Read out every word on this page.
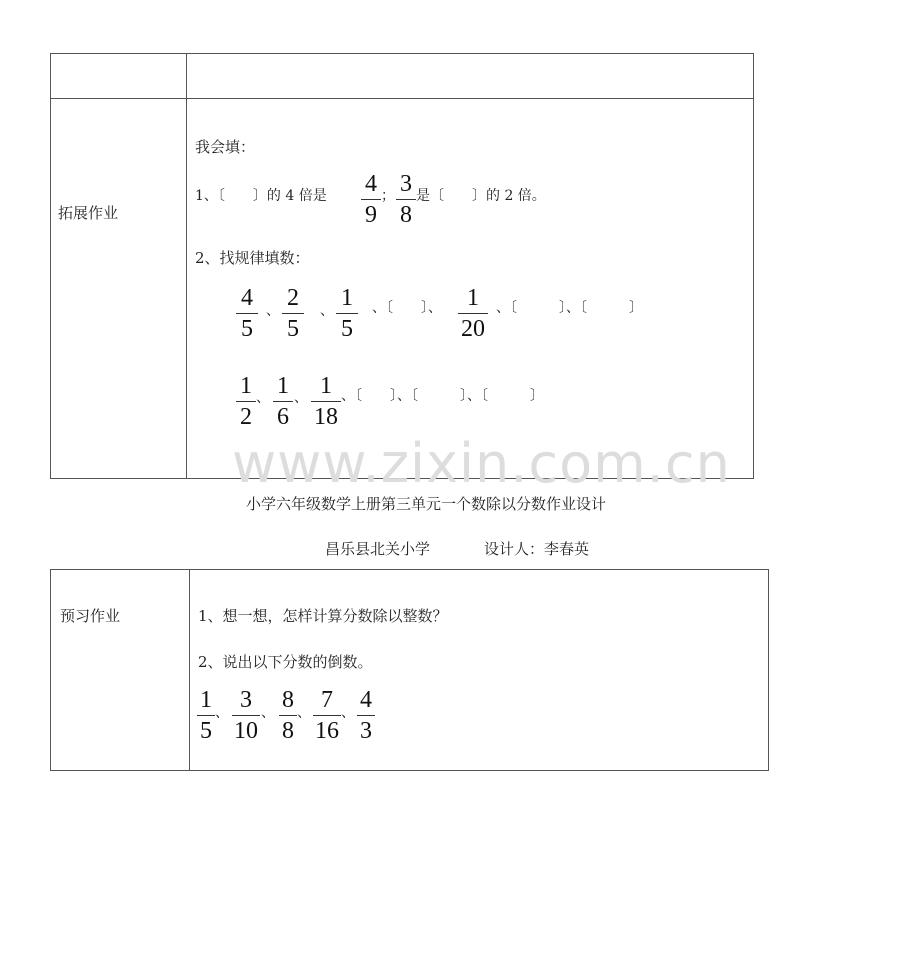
拓展作业
我会填：
1、〔　　〕的 4 倍是 4
9
； 3
8
是〔　　〕的 2 倍。
2、找规律填数：
4
5
、 2
5
、 1
5
、〔　　〕、	1
20
、〔　　　〕、〔　　　〕
1
2
、 1
6
、 1
18
、〔　　〕、〔　　　〕、〔　　　〕
www.zixin.com.cn
小学六年级数学上册第三单元一个数除以分数作业设计
昌乐县北关小学	设计人：李春英
预习作业	1、想一想，怎样计算分数除以整数？
2、说出以下分数的倒数。
1
5
、 3
10
、 8
8
、 7
16
、 4
3
